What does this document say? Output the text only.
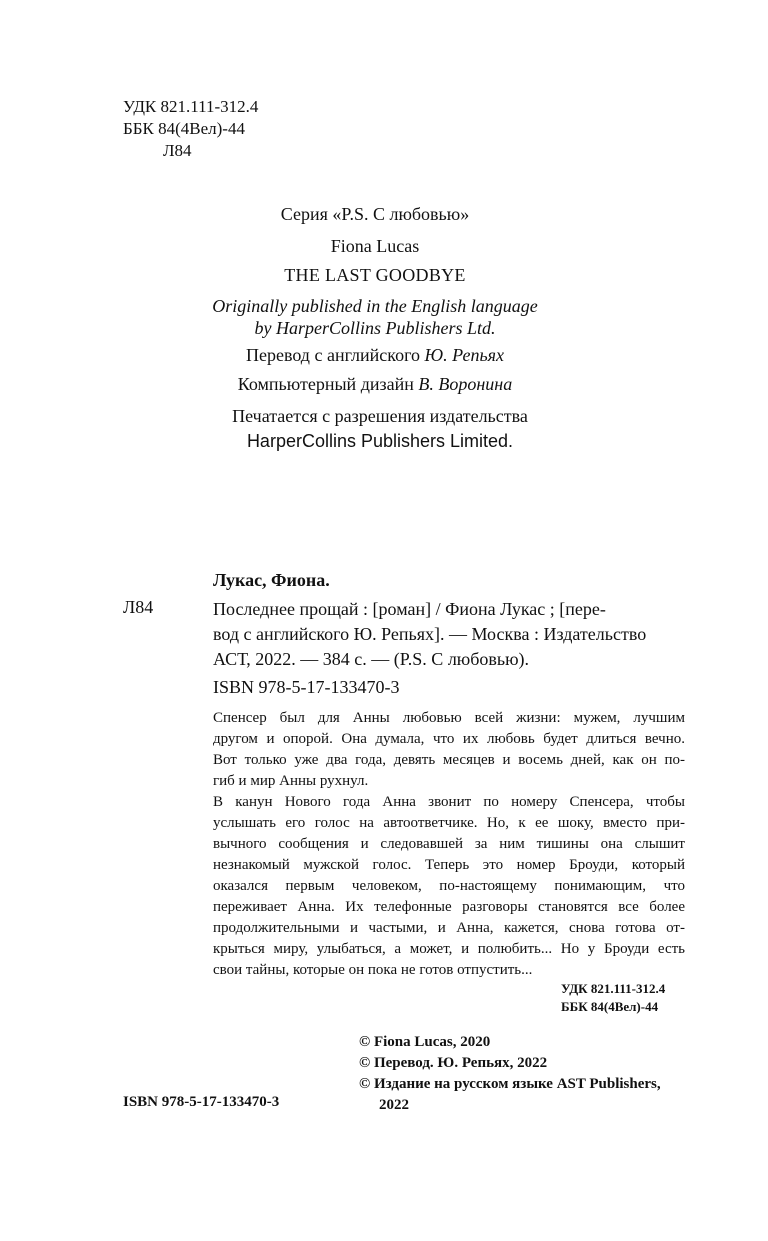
УДК 821.111-312.4
ББК 84(4Вел)-44
Л84
Серия «P.S. С любовью»
Fiona Lucas
THE LAST GOODBYE
Originally published in the English language
by HarperCollins Publishers Ltd.
Перевод с английского Ю. Репьях
Компьютерный дизайн В. Воронина
Печатается с разрешения издательства
HarperCollins Publishers Limited.
Лукас, Фиона.
Л84	Последнее прощай : [роман] / Фиона Лукас ; [пере-
вод с английского Ю. Репьях]. — Москва : Издательство
АСТ, 2022. — 384 с. — (P.S. С любовью).
ISBN 978-5-17-133470-3
Спенсер был для Анны любовью всей жизни: мужем, лучшим
другом и опорой. Она думала, что их любовь будет длиться вечно.
Вот только уже два года, девять месяцев и восемь дней, как он по-
гиб и мир Анны рухнул.
В канун Нового года Анна звонит по номеру Спенсера, чтобы
услышать его голос на автоответчике. Но, к ее шоку, вместо при-
вычного сообщения и следовавшей за ним тишины она слышит
незнакомый мужской голос. Теперь это номер Броуди, который
оказался первым человеком, по-настоящему понимающим, что
переживает Анна. Их телефонные разговоры становятся все более
продолжительными и частыми, и Анна, кажется, снова готова от-
крыться миру, улыбаться, а может, и полюбить... Но у Броуди есть
свои тайны, которые он пока не готов отпустить...
УДК 821.111-312.4
ББК 84(4Вел)-44
© Fiona Lucas, 2020
© Перевод. Ю. Репьях, 2022
© Издание на русском языке AST Publishers,
2022
ISBN 978-5-17-133470-3
